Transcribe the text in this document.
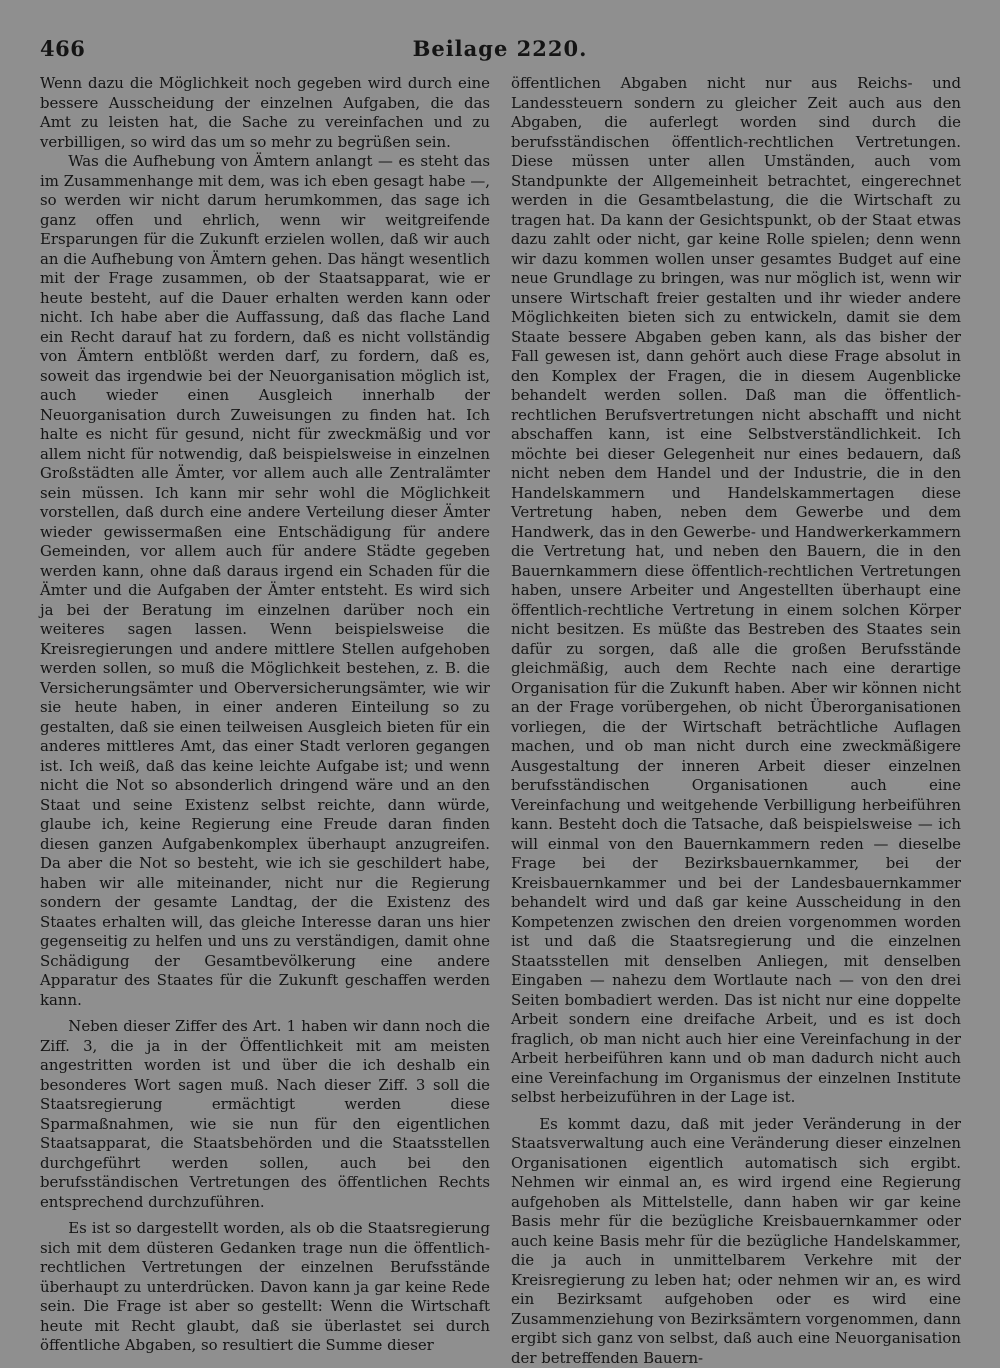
466	Beilage 2220.

Wenn dazu die Möglichkeit noch gegeben wird durch eine bessere Ausscheidung der einzelnen Aufgaben, die das Amt zu leisten hat, die Sache zu vereinfachen und zu verbilligen, so wird das um so mehr zu begrüßen sein.

Was die Aufhebung von Ämtern anlangt — es steht das im Zusammenhange mit dem, was ich eben gesagt habe —, so werden wir nicht darum herumkommen, das sage ich ganz offen und ehrlich, wenn wir weitgreifende Ersparungen für die Zukunft erzielen wollen, daß wir auch an die Aufhebung von Ämtern gehen. Das hängt wesentlich mit der Frage zusammen, ob der Staatsapparat, wie er heute besteht, auf die Dauer erhalten werden kann oder nicht. Ich habe aber die Auffassung, daß das flache Land ein Recht darauf hat zu fordern, daß es nicht vollständig von Ämtern entblößt werden darf, zu fordern, daß es, soweit das irgendwie bei der Neuorganisation möglich ist, auch wieder einen Ausgleich innerhalb der Neuorganisation durch Zuweisungen zu finden hat. Ich halte es nicht für gesund, nicht für zweckmäßig und vor allem nicht für notwendig, daß beispielsweise in einzelnen Großstädten alle Ämter, vor allem auch alle Zentralämter sein müssen. Ich kann mir sehr wohl die Möglichkeit vorstellen, daß durch eine andere Verteilung dieser Ämter wieder gewissermaßen eine Entschädigung für andere Gemeinden, vor allem auch für andere Städte gegeben werden kann, ohne daß daraus irgend ein Schaden für die Ämter und die Aufgaben der Ämter entsteht. Es wird sich ja bei der Beratung im einzelnen darüber noch ein weiteres sagen lassen. Wenn beispielsweise die Kreisregierungen und andere mittlere Stellen aufgehoben werden sollen, so muß die Möglichkeit bestehen, z. B. die Versicherungsämter und Oberversicherungsämter, wie wir sie heute haben, in einer anderen Einteilung so zu gestalten, daß sie einen teilweisen Ausgleich bieten für ein anderes mittleres Amt, das einer Stadt verloren gegangen ist. Ich weiß, daß das keine leichte Aufgabe ist; und wenn nicht die Not so absonderlich dringend wäre und an den Staat und seine Existenz selbst reichte, dann würde, glaube ich, keine Regierung eine Freude daran finden diesen ganzen Aufgabenkomplex überhaupt anzugreifen. Da aber die Not so besteht, wie ich sie geschildert habe, haben wir alle miteinander, nicht nur die Regierung sondern der gesamte Landtag, der die Existenz des Staates erhalten will, das gleiche Interesse daran uns hier gegenseitig zu helfen und uns zu verständigen, damit ohne Schädigung der Gesamtbevölkerung eine andere Apparatur des Staates für die Zukunft geschaffen werden kann.

Neben dieser Ziffer des Art. 1 haben wir dann noch die Ziff. 3, die ja in der Öffentlichkeit mit am meisten angestritten worden ist und über die ich deshalb ein besonderes Wort sagen muß. Nach dieser Ziff. 3 soll die Staatsregierung ermächtigt werden diese Sparmaßnahmen, wie sie nun für den eigentlichen Staatsapparat, die Staatsbehörden und die Staatsstellen durchgeführt werden sollen, auch bei den berufsständischen Vertretungen des öffentlichen Rechts entsprechend durchzuführen.

Es ist so dargestellt worden, als ob die Staatsregierung sich mit dem düsteren Gedanken trage nun die öffentlich-rechtlichen Vertretungen der einzelnen Berufsstände überhaupt zu unterdrücken. Davon kann ja gar keine Rede sein. Die Frage ist aber so gestellt: Wenn die Wirtschaft heute mit Recht glaubt, daß sie überlastet sei durch öffentliche Abgaben, so resultiert die Summe dieser

öffentlichen Abgaben nicht nur aus Reichs- und Landessteuern sondern zu gleicher Zeit auch aus den Abgaben, die auferlegt worden sind durch die berufsständischen öffentlich-rechtlichen Vertretungen. Diese müssen unter allen Umständen, auch vom Standpunkte der Allgemeinheit betrachtet, eingerechnet werden in die Gesamtbelastung, die die Wirtschaft zu tragen hat. Da kann der Gesichtspunkt, ob der Staat etwas dazu zahlt oder nicht, gar keine Rolle spielen; denn wenn wir dazu kommen wollen unser gesamtes Budget auf eine neue Grundlage zu bringen, was nur möglich ist, wenn wir unsere Wirtschaft freier gestalten und ihr wieder andere Möglichkeiten bieten sich zu entwickeln, damit sie dem Staate bessere Abgaben geben kann, als das bisher der Fall gewesen ist, dann gehört auch diese Frage absolut in den Komplex der Fragen, die in diesem Augenblicke behandelt werden sollen. Daß man die öffentlich-rechtlichen Berufsvertretungen nicht abschafft und nicht abschaffen kann, ist eine Selbstverständlichkeit. Ich möchte bei dieser Gelegenheit nur eines bedauern, daß nicht neben dem Handel und der Industrie, die in den Handelskammern und Handelskammertagen diese Vertretung haben, neben dem Gewerbe und dem Handwerk, das in den Gewerbe- und Handwerkerkammern die Vertretung hat, und neben den Bauern, die in den Bauernkammern diese öffentlich-rechtlichen Vertretungen haben, unsere Arbeiter und Angestellten überhaupt eine öffentlich-rechtliche Vertretung in einem solchen Körper nicht besitzen. Es müßte das Bestreben des Staates sein dafür zu sorgen, daß alle die großen Berufsstände gleichmäßig, auch dem Rechte nach eine derartige Organisation für die Zukunft haben. Aber wir können nicht an der Frage vorübergehen, ob nicht Überorganisationen vorliegen, die der Wirtschaft beträchtliche Auflagen machen, und ob man nicht durch eine zweckmäßigere Ausgestaltung der inneren Arbeit dieser einzelnen berufsständischen Organisationen auch eine Vereinfachung und weitgehende Verbilligung herbeiführen kann. Besteht doch die Tatsache, daß beispielsweise — ich will einmal von den Bauernkammern reden — dieselbe Frage bei der Bezirksbauernkammer, bei der Kreisbauernkammer und bei der Landesbauernkammer behandelt wird und daß gar keine Ausscheidung in den Kompetenzen zwischen den dreien vorgenommen worden ist und daß die Staatsregierung und die einzelnen Staatsstellen mit denselben Anliegen, mit denselben Eingaben — nahezu dem Wortlaute nach — von den drei Seiten bombadiert werden. Das ist nicht nur eine doppelte Arbeit sondern eine dreifache Arbeit, und es ist doch fraglich, ob man nicht auch hier eine Vereinfachung in der Arbeit herbeiführen kann und ob man dadurch nicht auch eine Vereinfachung im Organismus der einzelnen Institute selbst herbeizuführen in der Lage ist.

Es kommt dazu, daß mit jeder Veränderung in der Staatsverwaltung auch eine Veränderung dieser einzelnen Organisationen eigentlich automatisch sich ergibt. Nehmen wir einmal an, es wird irgend eine Regierung aufgehoben als Mittelstelle, dann haben wir gar keine Basis mehr für die bezügliche Kreisbauernkammer oder auch keine Basis mehr für die bezügliche Handelskammer, die ja auch in unmittelbarem Verkehre mit der Kreisregierung zu leben hat; oder nehmen wir an, es wird ein Bezirksamt aufgehoben oder es wird eine Zusammenziehung von Bezirksämtern vorgenommen, dann ergibt sich ganz von selbst, daß auch eine Neuorganisation der betreffenden Bauern-
